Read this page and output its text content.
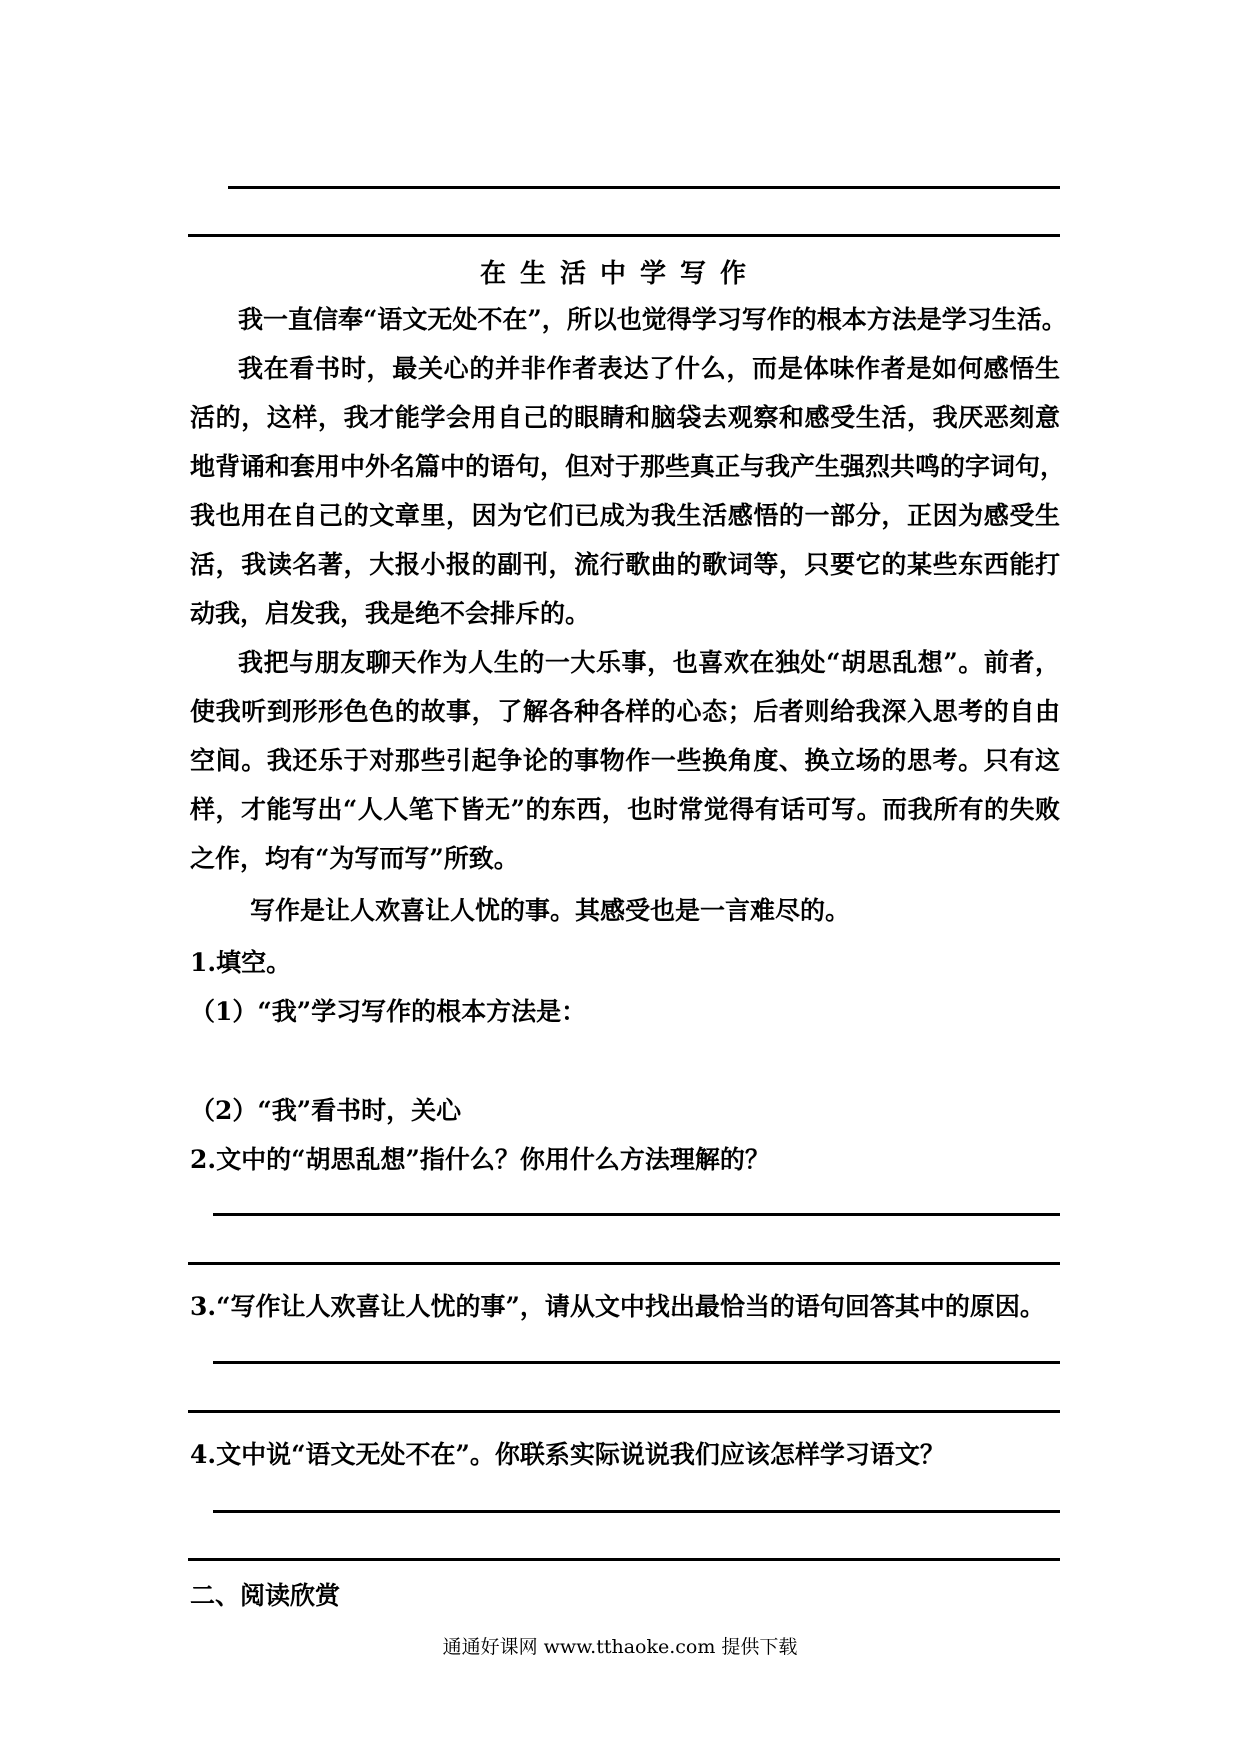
在生活中学写作
我一直信奉“语文无处不在”，所以也觉得学习写作的根本方法是学习生活。
我在看书时，最关心的并非作者表达了什么，而是体味作者是如何感悟生
活的，这样，我才能学会用自己的眼睛和脑袋去观察和感受生活，我厌恶刻意
地背诵和套用中外名篇中的语句，但对于那些真正与我产生强烈共鸣的字词句，
我也用在自己的文章里，因为它们已成为我生活感悟的一部分，正因为感受生
活，我读名著，大报小报的副刊，流行歌曲的歌词等，只要它的某些东西能打
动我，启发我，我是绝不会排斥的。
我把与朋友聊天作为人生的一大乐事，也喜欢在独处“胡思乱想”。前者，
使我听到形形色色的故事，了解各种各样的心态；后者则给我深入思考的自由
空间。我还乐于对那些引起争论的事物作一些换角度、换立场的思考。只有这
样，才能写出“人人笔下皆无”的东西，也时常觉得有话可写。而我所有的失败
之作，均有“为写而写”所致。
写作是让人欢喜让人忧的事。其感受也是一言难尽的。
1.填空。
（1）“我”学习写作的根本方法是：
（2）“我”看书时，关心
2.文中的“胡思乱想”指什么？你用什么方法理解的？
3.“写作让人欢喜让人忧的事”，请从文中找出最恰当的语句回答其中的原因。
4.文中说“语文无处不在”。你联系实际说说我们应该怎样学习语文？
二、阅读欣赏
通通好课网 www.tthaoke.com 提供下载
